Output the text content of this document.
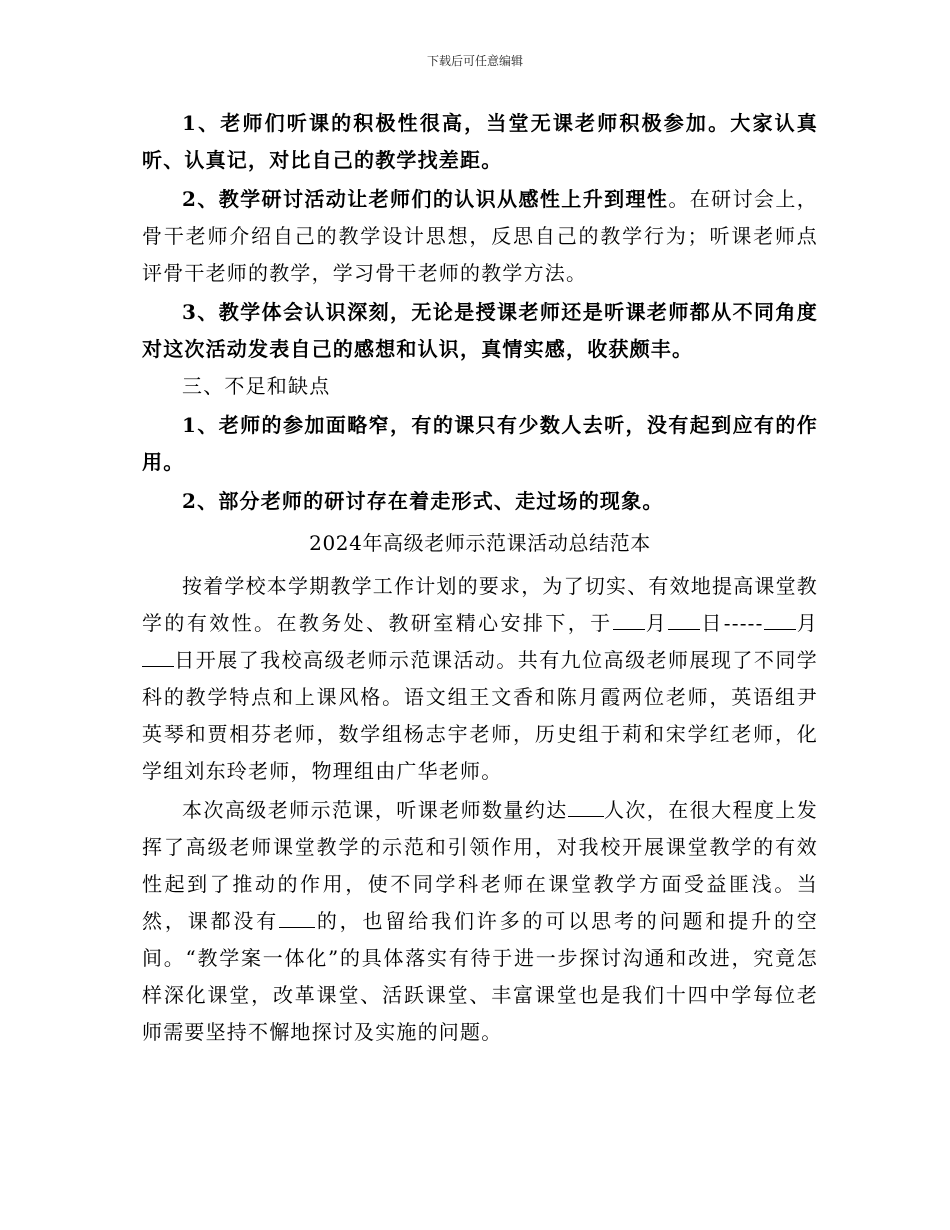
下载后可任意编辑

1、老师们听课的积极性很高，当堂无课老师积极参加。大家认真听、认真记，对比自己的教学找差距。

2、教学研讨活动让老师们的认识从感性上升到理性。在研讨会上，骨干老师介绍自己的教学设计思想，反思自己的教学行为；听课老师点评骨干老师的教学，学习骨干老师的教学方法。

3、教学体会认识深刻，无论是授课老师还是听课老师都从不同角度对这次活动发表自己的感想和认识，真情实感，收获颇丰。

三、不足和缺点

1、老师的参加面略窄，有的课只有少数人去听，没有起到应有的作用。

2、部分老师的研讨存在着走形式、走过场的现象。

2024年高级老师示范课活动总结范本

按着学校本学期教学工作计划的要求，为了切实、有效地提高课堂教学的有效性。在教务处、教研室精心安排下，于 月 日----- 月日开展了我校高级老师示范课活动。共有九位高级老师展现了不同学科的教学特点和上课风格。语文组王文香和陈月霞两位老师，英语组尹英琴和贾相芬老师，数学组杨志宇老师，历史组于莉和宋学红老师，化学组刘东玲老师，物理组由广华老师。

本次高级老师示范课，听课老师数量约达 人次，在很大程度上发挥了高级老师课堂教学的示范和引领作用，对我校开展课堂教学的有效性起到了推动的作用，使不同学科老师在课堂教学方面受益匪浅。当然，课都没有 的，也留给我们许多的可以思考的问题和提升的空间。“教学案一体化”的具体落实有待于进一步探讨沟通和改进，究竟怎样深化课堂，改革课堂、活跃课堂、丰富课堂也是我们十四中学每位老师需要坚持不懈地探讨及实施的问题。
